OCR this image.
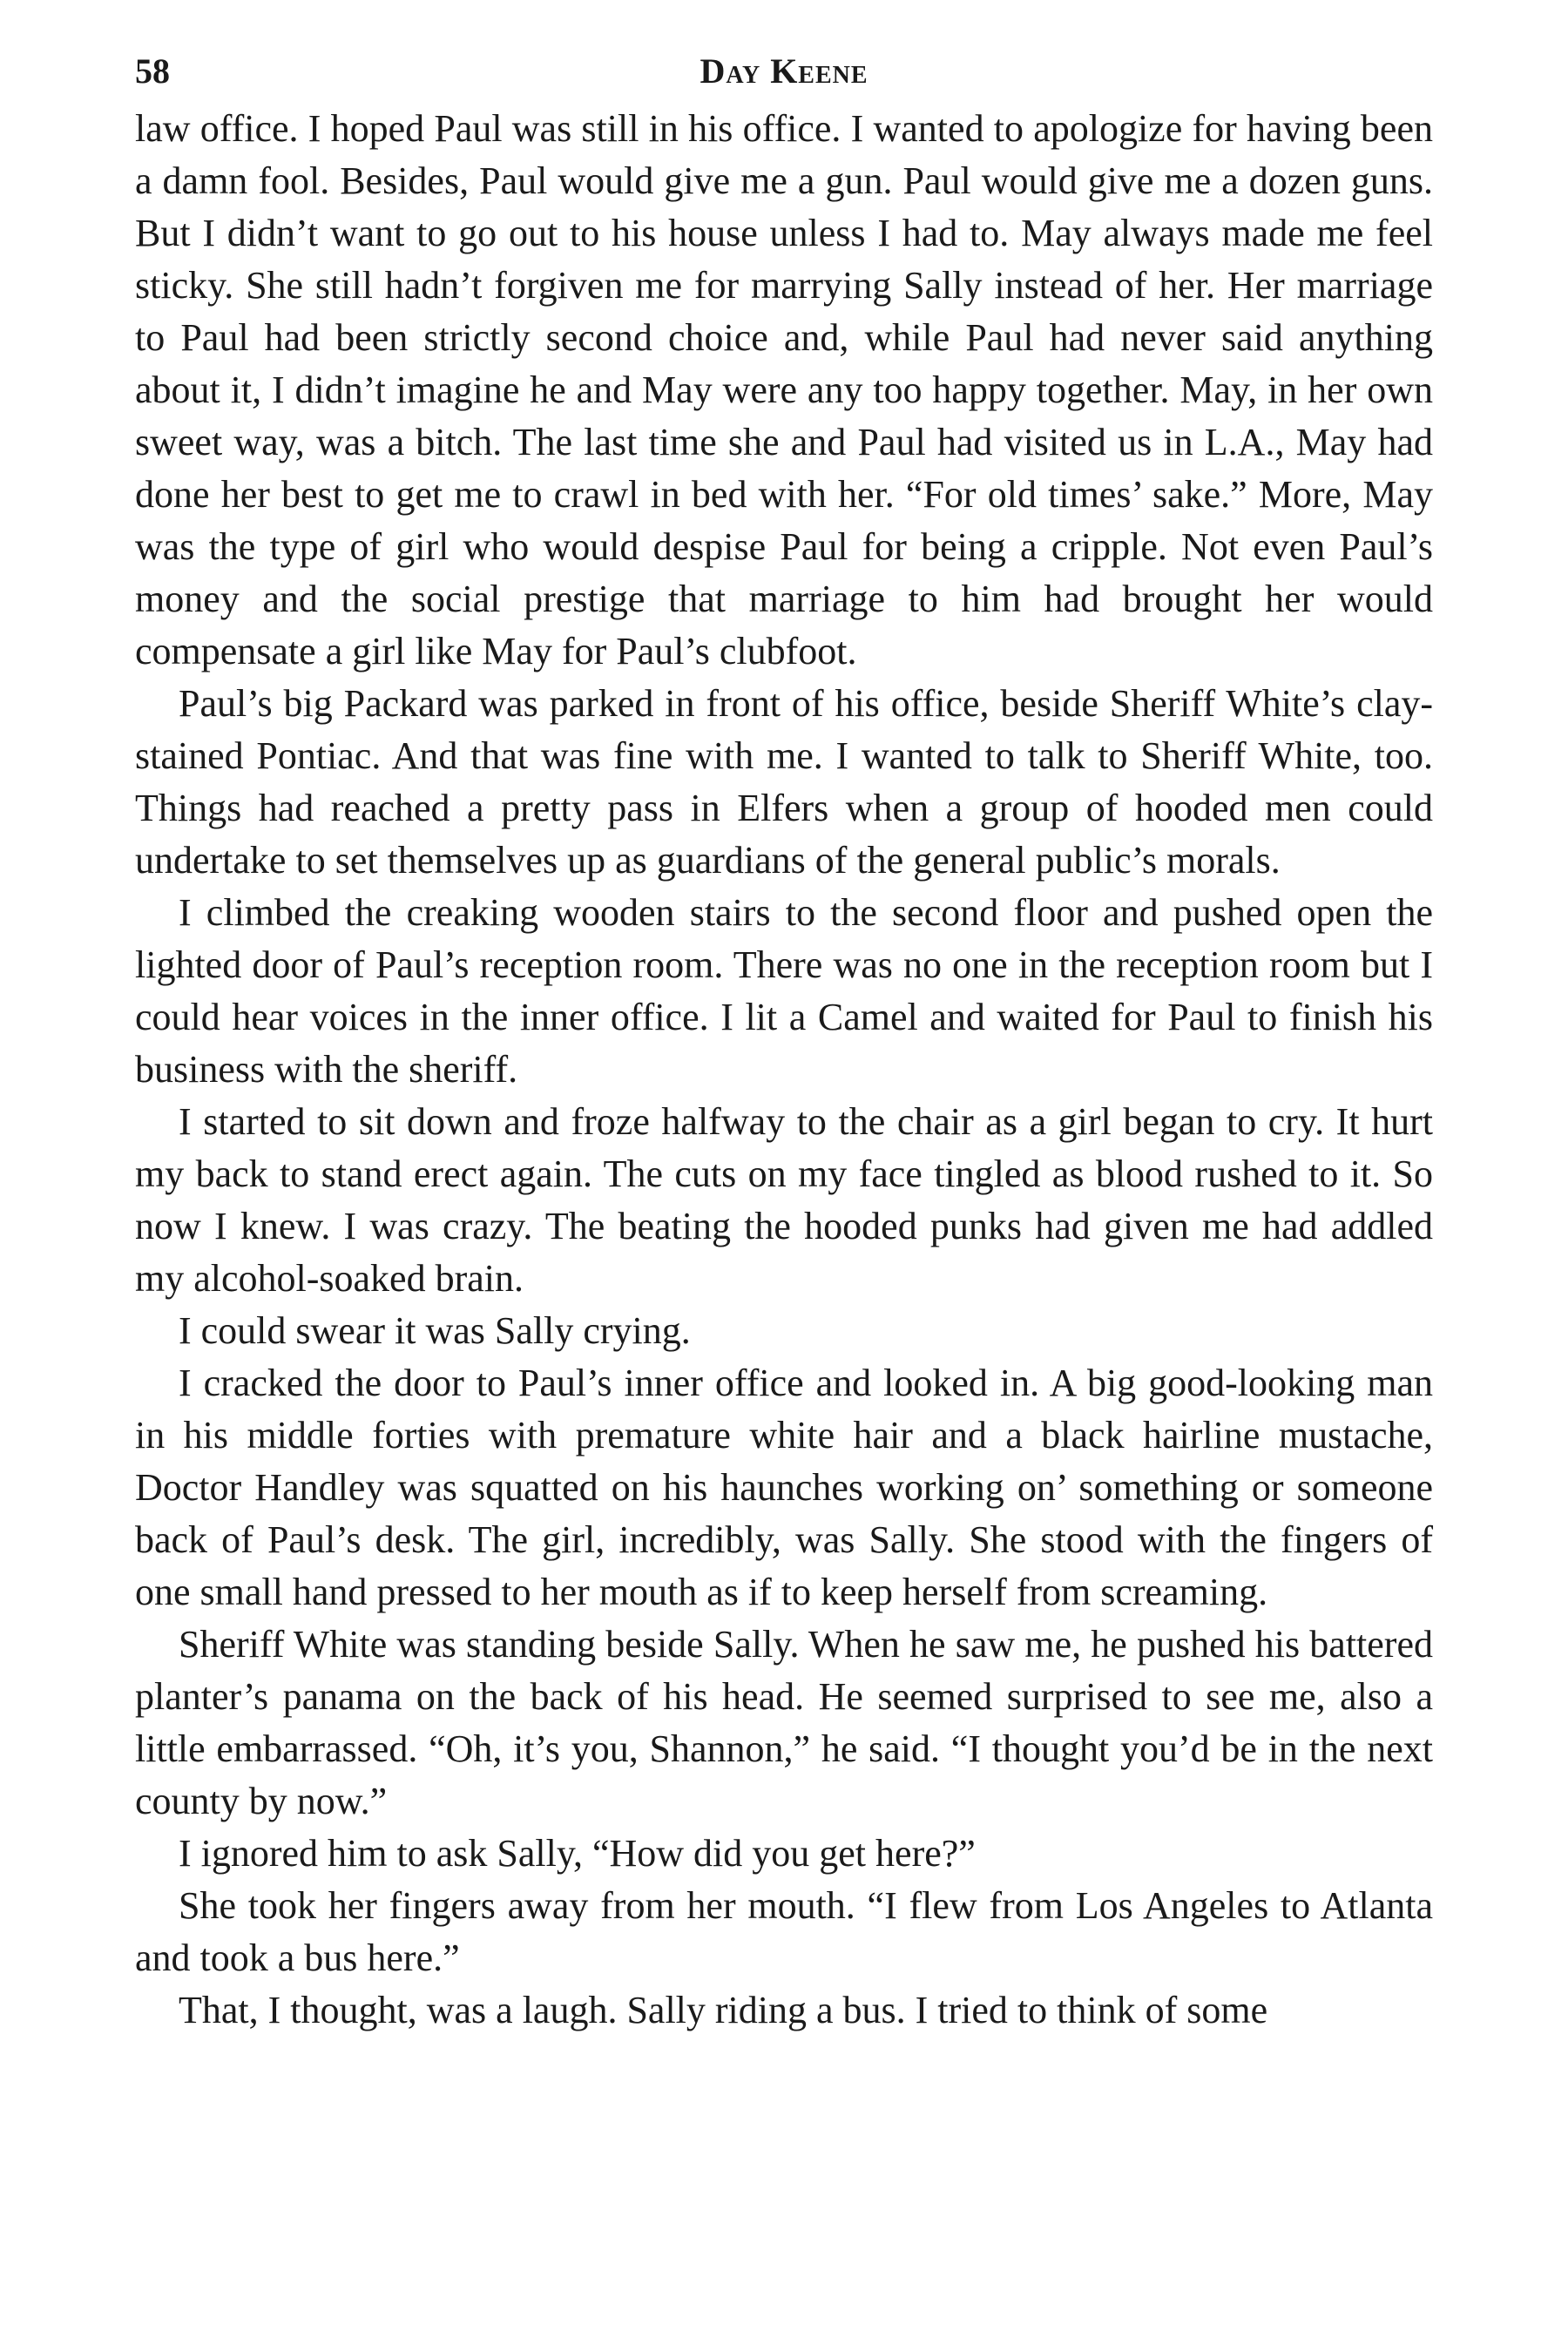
58	Day Keene

law office. I hoped Paul was still in his office. I wanted to apologize for having been a damn fool. Besides, Paul would give me a gun. Paul would give me a dozen guns. But I didn’t want to go out to his house unless I had to. May always made me feel sticky. She still hadn’t forgiven me for marrying Sally instead of her. Her marriage to Paul had been strictly second choice and, while Paul had never said anything about it, I didn’t imagine he and May were any too happy together. May, in her own sweet way, was a bitch. The last time she and Paul had visited us in L.A., May had done her best to get me to crawl in bed with her. “For old times’ sake.” More, May was the type of girl who would despise Paul for being a cripple. Not even Paul’s money and the social prestige that marriage to him had brought her would compensate a girl like May for Paul’s clubfoot.

Paul’s big Packard was parked in front of his office, beside Sheriff White’s clay-stained Pontiac. And that was fine with me. I wanted to talk to Sheriff White, too. Things had reached a pretty pass in Elfers when a group of hooded men could undertake to set themselves up as guardians of the general public’s morals.

I climbed the creaking wooden stairs to the second floor and pushed open the lighted door of Paul’s reception room. There was no one in the reception room but I could hear voices in the inner office. I lit a Camel and waited for Paul to finish his business with the sheriff.

I started to sit down and froze halfway to the chair as a girl began to cry. It hurt my back to stand erect again. The cuts on my face tingled as blood rushed to it. So now I knew. I was crazy. The beating the hooded punks had given me had addled my alcohol-soaked brain.

I could swear it was Sally crying.

I cracked the door to Paul’s inner office and looked in. A big good-looking man in his middle forties with premature white hair and a black hairline mustache, Doctor Handley was squatted on his haunches working on’ something or someone back of Paul’s desk. The girl, incredibly, was Sally. She stood with the fingers of one small hand pressed to her mouth as if to keep herself from screaming.

Sheriff White was standing beside Sally. When he saw me, he pushed his battered planter’s panama on the back of his head. He seemed surprised to see me, also a little embarrassed. “Oh, it’s you, Shannon,” he said. “I thought you’d be in the next county by now.”

I ignored him to ask Sally, “How did you get here?”

She took her fingers away from her mouth. “I flew from Los Angeles to Atlanta and took a bus here.”

That, I thought, was a laugh. Sally riding a bus. I tried to think of some
